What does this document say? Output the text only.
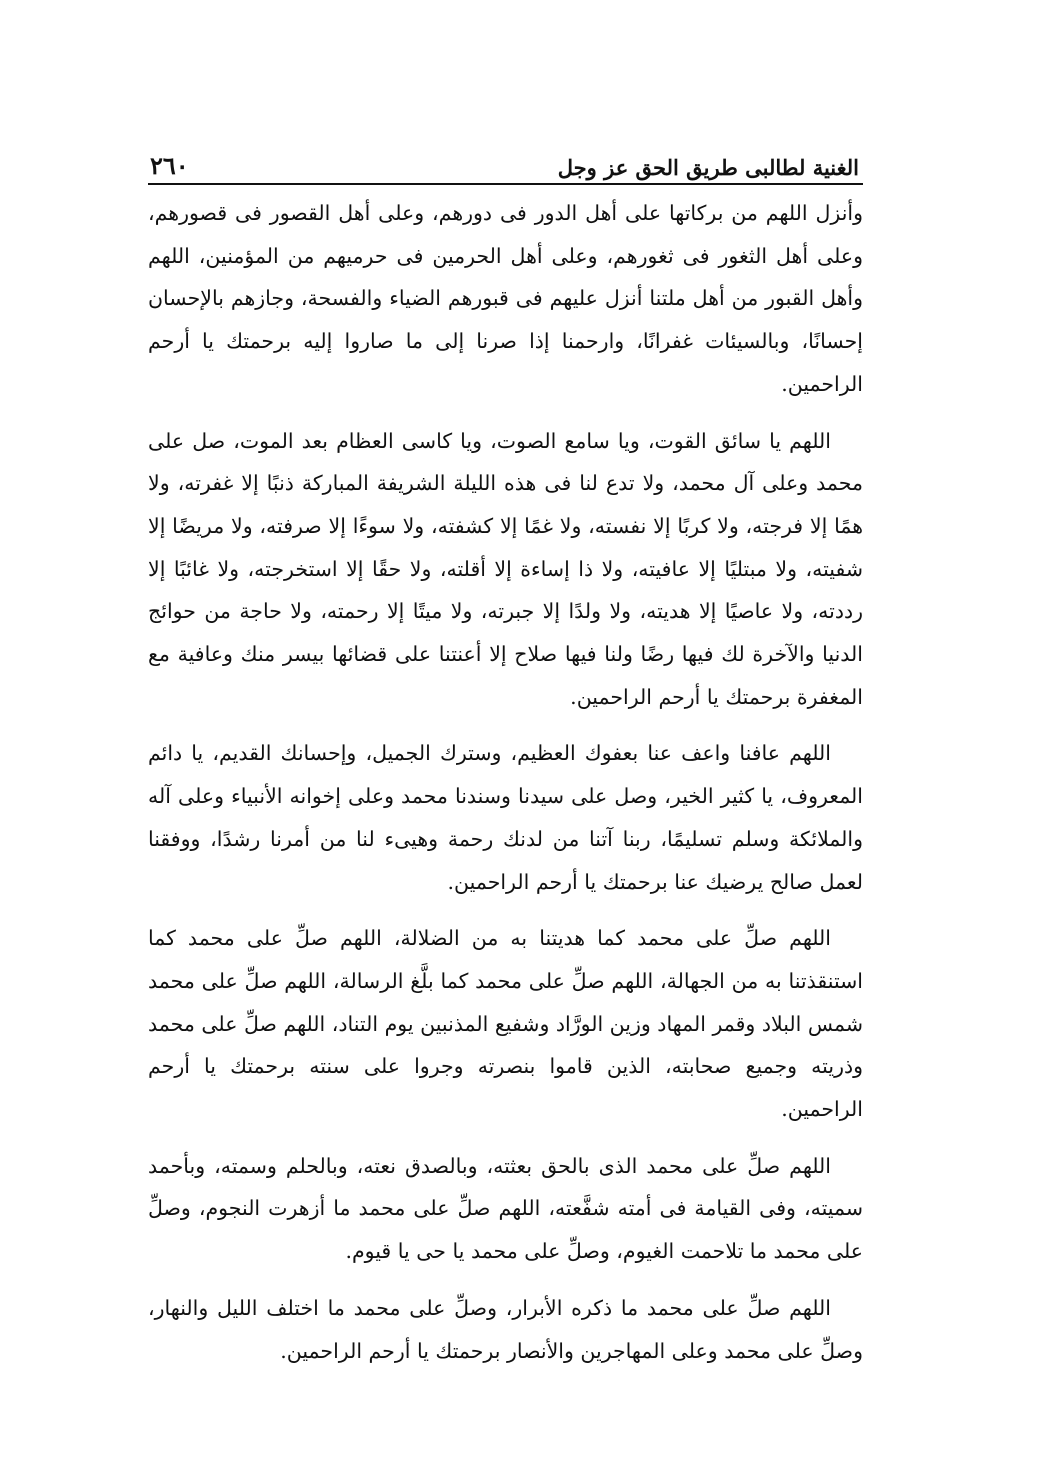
الغنية لطالبى طريق الحق عز وجل
٢٦٠

وأنزل اللهم من بركاتها على أهل الدور فى دورهم، وعلى أهل القصور فى قصورهم، وعلى أهل الثغور فى ثغورهم، وعلى أهل الحرمين فى حرميهم من المؤمنين، اللهم وأهل القبور من أهل ملتنا أنزل عليهم فى قبورهم الضياء والفسحة، وجازهم بالإحسان إحسانًا، وبالسيئات غفرانًا، وارحمنا إذا صرنا إلى ما صاروا إليه برحمتك يا أرحم الراحمين.

اللهم يا سائق القوت، ويا سامع الصوت، ويا كاسى العظام بعد الموت، صل على محمد وعلى آل محمد، ولا تدع لنا فى هذه الليلة الشريفة المباركة ذنبًا إلا غفرته، ولا همًا إلا فرجته، ولا كربًا إلا نفسته، ولا غمًا إلا كشفته، ولا سوءًا إلا صرفته، ولا مريضًا إلا شفيته، ولا مبتليًا إلا عافيته، ولا ذا إساءة إلا أقلته، ولا حقًا إلا استخرجته، ولا غائبًا إلا رددته، ولا عاصيًا إلا هديته، ولا ولدًا إلا جبرته، ولا ميتًا إلا رحمته، ولا حاجة من حوائج الدنيا والآخرة لك فيها رضًا ولنا فيها صلاح إلا أعنتنا على قضائها بيسر منك وعافية مع المغفرة برحمتك يا أرحم الراحمين.

اللهم عافنا واعف عنا بعفوك العظيم، وسترك الجميل، وإحسانك القديم، يا دائم المعروف، يا كثير الخير، وصل على سيدنا وسندنا محمد وعلى إخوانه الأنبياء وعلى آله والملائكة وسلم تسليمًا، ربنا آتنا من لدنك رحمة وهيىء لنا من أمرنا رشدًا، ووفقنا لعمل صالح يرضيك عنا برحمتك يا أرحم الراحمين.

اللهم صلِّ على محمد كما هديتنا به من الضلالة، اللهم صلِّ على محمد كما استنقذتنا به من الجهالة، اللهم صلِّ على محمد كما بلَّغ الرسالة، اللهم صلِّ على محمد شمس البلاد وقمر المهاد وزين الورَّاد وشفيع المذنبين يوم التناد، اللهم صلِّ على محمد وذريته وجميع صحابته، الذين قاموا بنصرته وجروا على سنته برحمتك يا أرحم الراحمين.

اللهم صلِّ على محمد الذى بالحق بعثته، وبالصدق نعته، وبالحلم وسمته، وبأحمد سميته، وفى القيامة فى أمته شفَّعته، اللهم صلِّ على محمد ما أزهرت النجوم، وصلِّ على محمد ما تلاحمت الغيوم، وصلِّ على محمد يا حى يا قيوم.

اللهم صلِّ على محمد ما ذكره الأبرار، وصلِّ على محمد ما اختلف الليل والنهار، وصلِّ على محمد وعلى المهاجرين والأنصار برحمتك يا أرحم الراحمين.
